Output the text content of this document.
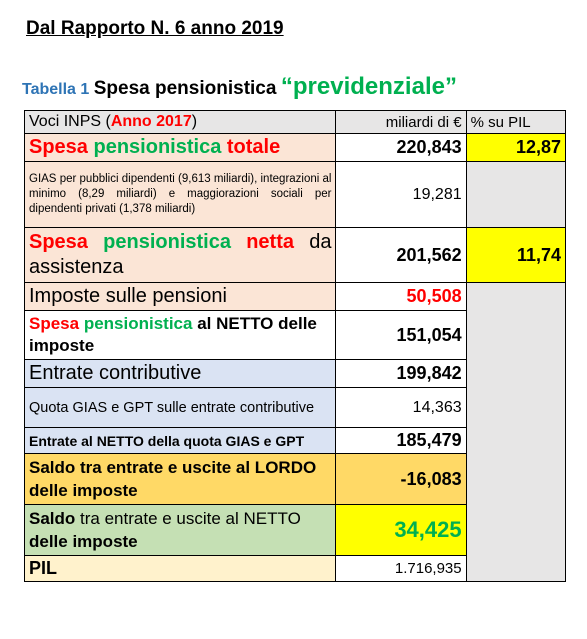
Dal Rapporto N. 6 anno 2019
Tabella 1 Spesa pensionistica “previdenziale”
Voci INPS (Anno 2017)	miliardi di €	% su PIL
Spesa pensionistica totale	220,843	12,87
GIAS per pubblici dipendenti (9,613 miliardi), integrazioni al minimo (8,29 miliardi) e maggiorazioni sociali per dipendenti privati (1,378 miliardi)	19,281	
Spesa pensionistica netta da assistenza	201,562	11,74
Imposte sulle pensioni	50,508	
Spesa pensionistica al NETTO delle imposte	151,054	
Entrate contributive	199,842	
Quota GIAS e GPT sulle entrate contributive	14,363	
Entrate al NETTO della quota GIAS e GPT	185,479	
Saldo tra entrate e uscite al LORDO delle imposte	-16,083	
Saldo tra entrate e uscite al NETTO delle imposte	34,425	
PIL	1.716,935	
